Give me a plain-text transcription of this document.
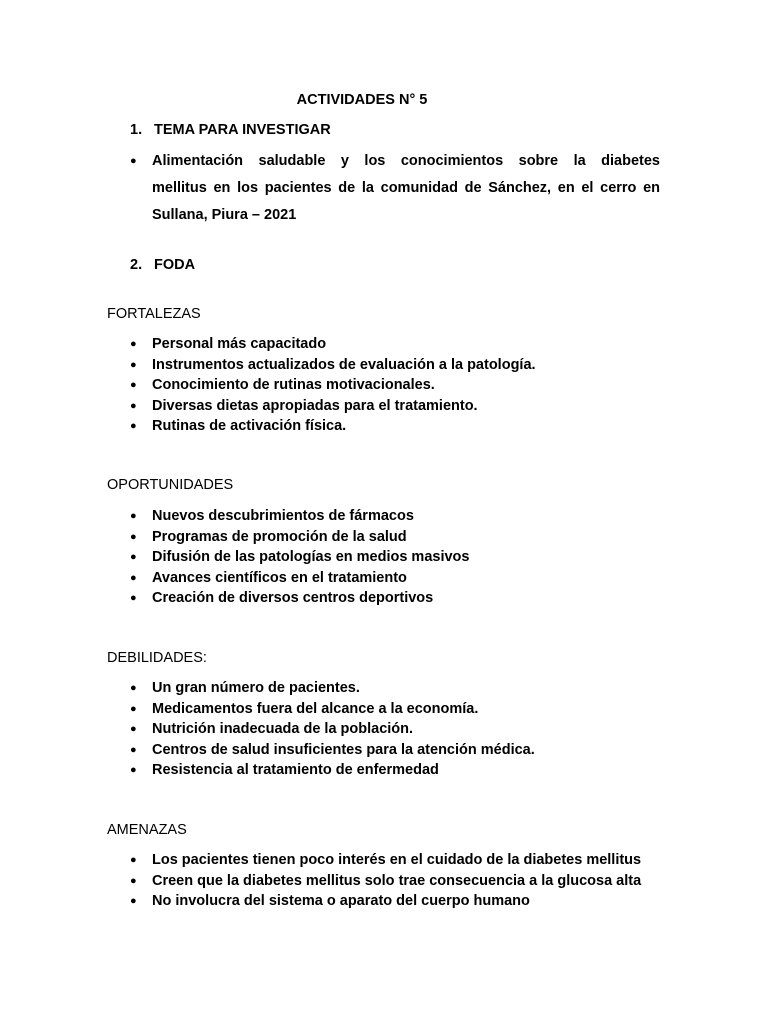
ACTIVIDADES N° 5
1. TEMA PARA INVESTIGAR
● Alimentación saludable y los conocimientos sobre la diabetes
mellitus en los pacientes de la comunidad de Sánchez, en el cerro en
Sullana, Piura – 2021
2. FODA
FORTALEZAS
● Personal más capacitado
● Instrumentos actualizados de evaluación a la patología.
● Conocimiento de rutinas motivacionales.
● Diversas dietas apropiadas para el tratamiento.
● Rutinas de activación física.
OPORTUNIDADES
● Nuevos descubrimientos de fármacos
● Programas de promoción de la salud
● Difusión de las patologías en medios masivos
● Avances científicos en el tratamiento
● Creación de diversos centros deportivos
DEBILIDADES:
● Un gran número de pacientes.
● Medicamentos fuera del alcance a la economía.
● Nutrición inadecuada de la población.
● Centros de salud insuficientes para la atención médica.
● Resistencia al tratamiento de enfermedad
AMENAZAS
● Los pacientes tienen poco interés en el cuidado de la diabetes mellitus
● Creen que la diabetes mellitus solo trae consecuencia a la glucosa alta
● No involucra del sistema o aparato del cuerpo humano
